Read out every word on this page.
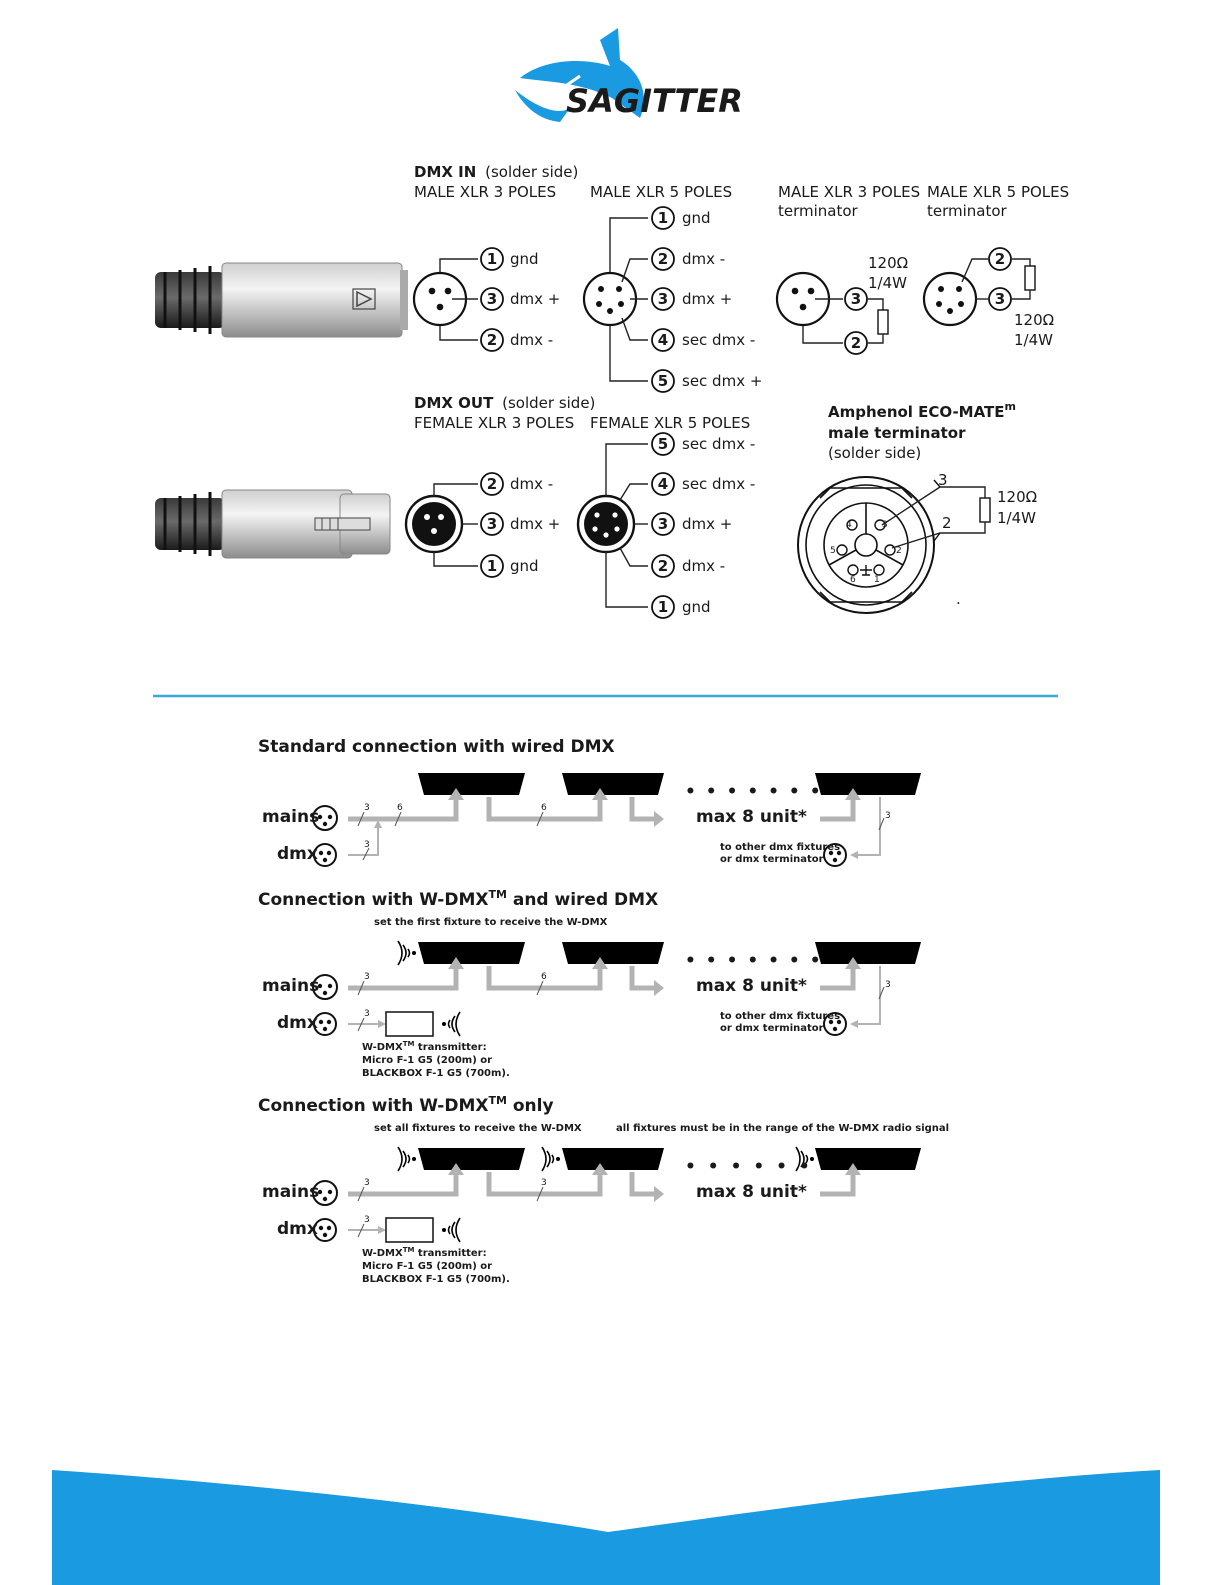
SAGITTER
DMX IN (solder side)
MALE XLR 3 POLES MALE XLR 5 POLES	MALE XLR 3 POLES
terminator
MALE XLR 5 POLES
terminator
1 gnd
3 dmx +
2 dmx -
1 gnd
2 dmx -
3 dmx +
4 sec dmx -
5 sec dmx +
3
2
120Ω
1/4W
2
3
120Ω
1/4W
DMX OUT (solder side)
FEMALE XLR 3 POLES FEMALE XLR 5 POLES
2 dmx -
3 dmx +
1 gnd
5 sec dmx -
4 sec dmx -
3 dmx +
2 dmx -
1 gnd
Amphenol ECO-MATE$^m$
male terminator
(solder side)
4	3
5	2
6 1
3
2
120Ω
1/4W
.
Standard connection with wired DMX
• • • • • • •
mains
dmx
3	6	6
3
3
max 8 unit*
to other dmx fixtures
or dmx terminator
Connection with W-DMX™ and wired DMX
set the first fixture to receive the W-DMX
• • • • • • •
mains
dmx
3	6
3
3
max 8 unit*
to other dmx fixtures
or dmx terminator
W-DMX™ transmitter:
Micro F-1 G5 (200m) or
BLACKBOX F-1 G5 (700m).
Connection with W-DMX™ only
set all fixtures to receive the W-DMX	all fixtures must be in the range of the W-DMX radio signal
• • • • • •
mains
dmx
3	3
3
max 8 unit*
W-DMX™ transmitter:
Micro F-1 G5 (200m) or
BLACKBOX F-1 G5 (700m).
